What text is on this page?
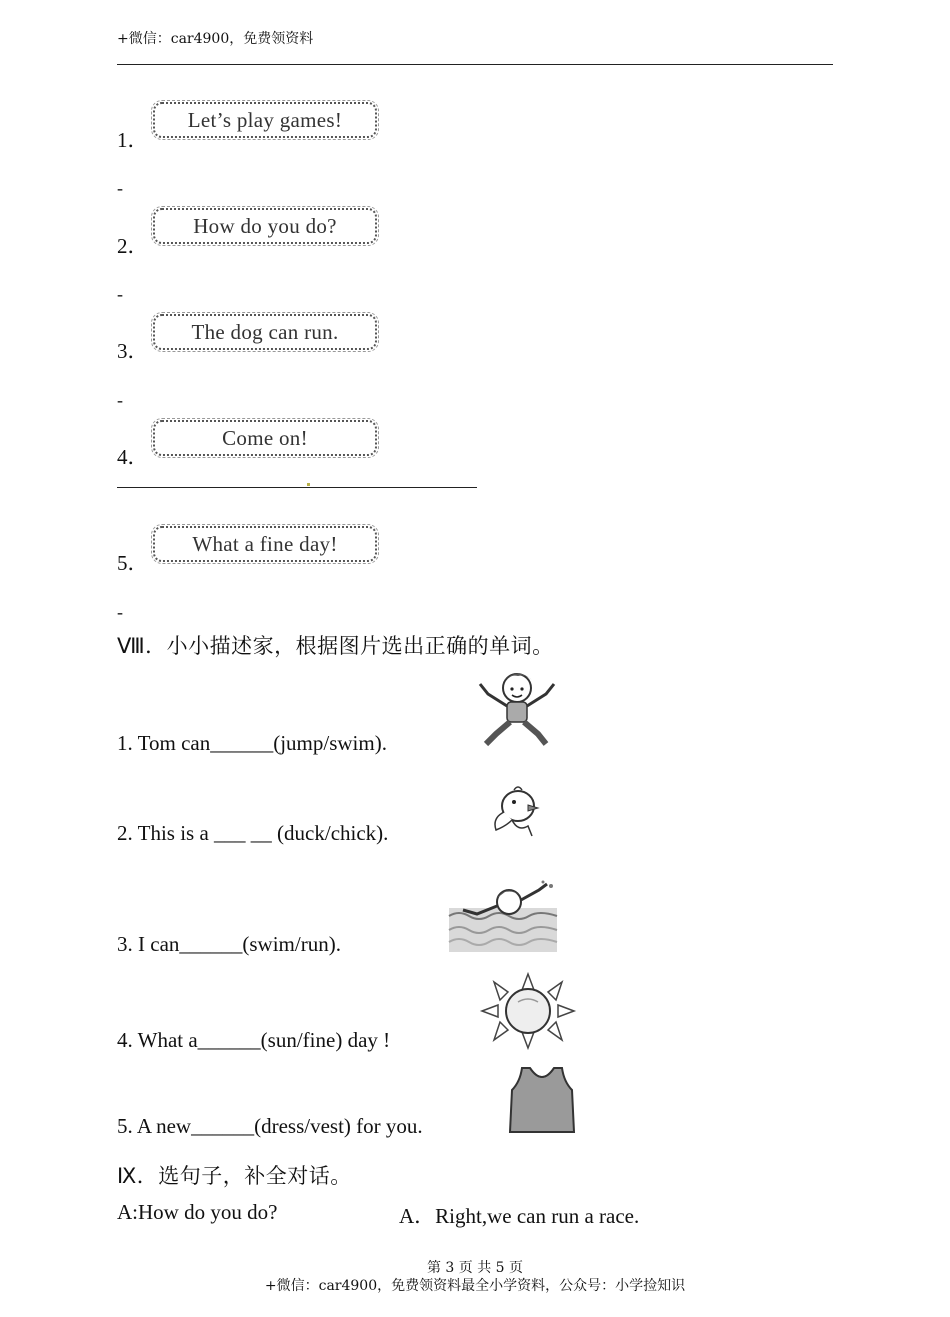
+微信：car4900，免费领资料
1．
Let’s play games!
-
2．
How do you do?
-
3．
The dog can run.
-
4．
Come on!
5．
What a fine day!
-
Ⅷ．小小描述家，根据图片选出正确的单词。
1. Tom can______(jump/swim).
2. This is a ___ __ (duck/chick).
3. I can______(swim/run).
4. What a______(sun/fine) day !
5. A new______(dress/vest) for you.
Ⅸ．选句子，补全对话。
A:How do you do?	A．Right,we can run a race.
第 3 页 共 5 页
+微信：car4900，免费领资料最全小学资料，公众号：小学捡知识
